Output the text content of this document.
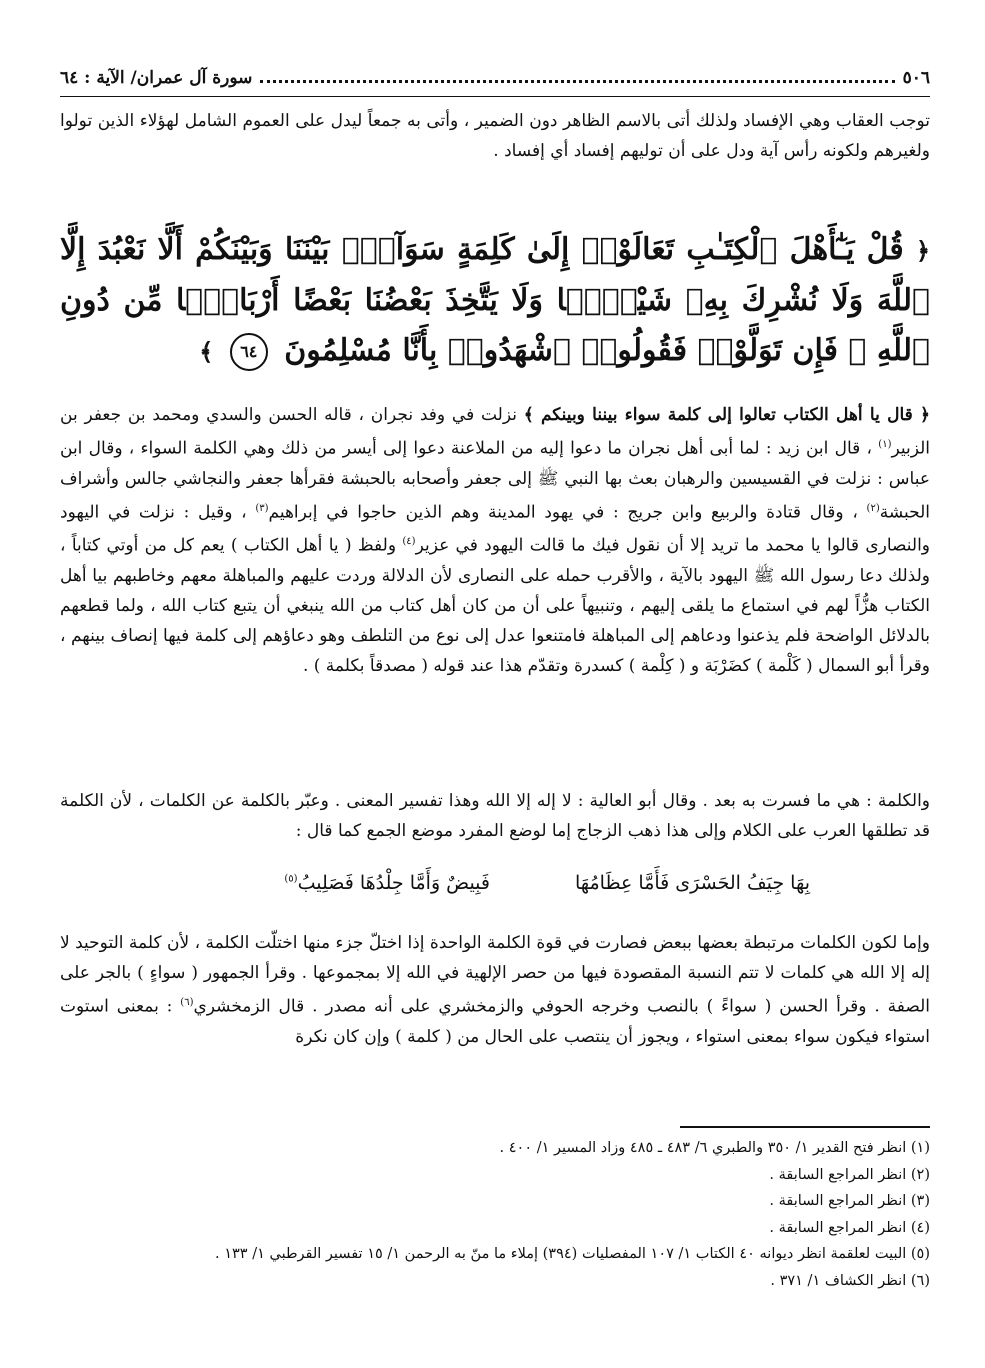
٥٠٦
سورة آل عمران/ الآية : ٦٤
توجب العقاب وهي الإفساد ولذلك أتى بالاسم الظاهر دون الضمير ، وأتى به جمعاً ليدل على العموم الشامل لهؤلاء الذين تولوا ولغيرهم ولكونه رأس آية ودل على أن توليهم إفساد أي إفساد .
﴿ قُلْ يَـٰٓأَهْلَ ٱلْكِتَـٰبِ تَعَالَوْا۟ إِلَىٰ كَلِمَةٍ سَوَآءٍۭ بَيْنَنَا وَبَيْنَكُمْ أَلَّا نَعْبُدَ إِلَّا ٱللَّهَ وَلَا نُشْرِكَ بِهِۦ شَيْـًۭٔا وَلَا يَتَّخِذَ بَعْضُنَا بَعْضًا أَرْبَابًۭا مِّن دُونِ ٱللَّهِ ۚ فَإِن تَوَلَّوْا۟ فَقُولُوا۟ ٱشْهَدُوا۟ بِأَنَّا مُسْلِمُونَ ٦٤ ﴾
﴿ قال يا أهل الكتاب تعالوا إلى كلمة سواء بيننا وبينكم ﴾ نزلت في وفد نجران ، قاله الحسن والسدي ومحمد بن جعفر بن الزبير$^{(١)}$ ، قال ابن زيد : لما أبى أهل نجران ما دعوا إليه من الملاعنة دعوا إلى أيسر من ذلك وهي الكلمة السواء ، وقال ابن عباس : نزلت في القسيسين والرهبان بعث بها النبي ﷺ إلى جعفر وأصحابه بالحبشة فقرأها جعفر والنجاشي جالس وأشراف الحبشة$^{(٢)}$ ، وقال قتادة والربيع وابن جريج : في يهود المدينة وهم الذين حاجوا في إبراهيم$^{(٣)}$ ، وقيل : نزلت في اليهود والنصارى قالوا يا محمد ما تريد إلا أن نقول فيك ما قالت اليهود في عزير$^{(٤)}$ ولفظ ( يا أهل الكتاب ) يعم كل من أوتي كتاباً ، ولذلك دعا رسول الله ﷺ اليهود بالآية ، والأقرب حمله على النصارى لأن الدلالة وردت عليهم والمباهلة معهم وخاطبهم بيا أهل الكتاب هزُّاً لهم في استماع ما يلقى إليهم ، وتنبيهاً على أن من كان أهل كتاب من الله ينبغي أن يتبع كتاب الله ، ولما قطعهم بالدلائل الواضحة فلم يذعنوا ودعاهم إلى المباهلة فامتنعوا عدل إلى نوع من التلطف وهو دعاؤهم إلى كلمة فيها إنصاف بينهم ، وقرأ أبو السمال ( كَلْمة ) كضَرْبَة و ( كِلْمة ) كسدرة وتقدّم هذا عند قوله ( مصدقاً بكلمة ) .
والكلمة : هي ما فسرت به بعد . وقال أبو العالية : لا إله إلا الله وهذا تفسير المعنى . وعبّر بالكلمة عن الكلمات ، لأن الكلمة قد تطلقها العرب على الكلام وإلى هذا ذهب الزجاج إما لوضع المفرد موضع الجمع كما قال :
بِهَا جِيَفُ الحَسْرَى فَأَمَّا عِظَامُهَا
فَبِيضٌ وَأَمَّا جِلْدُهَا فَصَلِيبُ$^{(٥)}$
وإما لكون الكلمات مرتبطة بعضها ببعض فصارت في قوة الكلمة الواحدة إذا اختلّ جزء منها اختلّت الكلمة ، لأن كلمة التوحيد لا إله إلا الله هي كلمات لا تتم النسبة المقصودة فيها من حصر الإلهية في الله إلا بمجموعها . وقرأ الجمهور ( سواءٍ ) بالجر على الصفة . وقرأ الحسن ( سواءً ) بالنصب وخرجه الحوفي والزمخشري على أنه مصدر . قال الزمخشري$^{(٦)}$ : بمعنى استوت استواء فيكون سواء بمعنى استواء ، ويجوز أن ينتصب على الحال من ( كلمة ) وإن كان نكرة
(١) انظر فتح القدير ١/ ٣٥٠ والطبري ٦/ ٤٨٣ ـ ٤٨٥ وزاد المسير ١/ ٤٠٠ .
(٢) انظر المراجع السابقة .
(٣) انظر المراجع السابقة .
(٤) انظر المراجع السابقة .
(٥) البيت لعلقمة انظر ديوانه ٤٠ الكتاب ١/ ١٠٧ المفصليات (٣٩٤) إملاء ما منّ به الرحمن ١/ ١٥ تفسير القرطبي ١/ ١٣٣ .
(٦) انظر الكشاف ١/ ٣٧١ .
